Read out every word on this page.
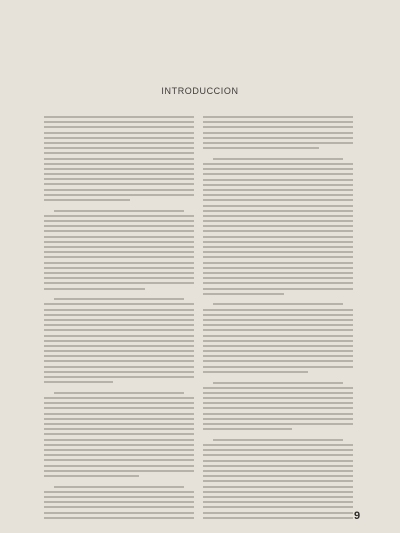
INTRODUCCION
9
